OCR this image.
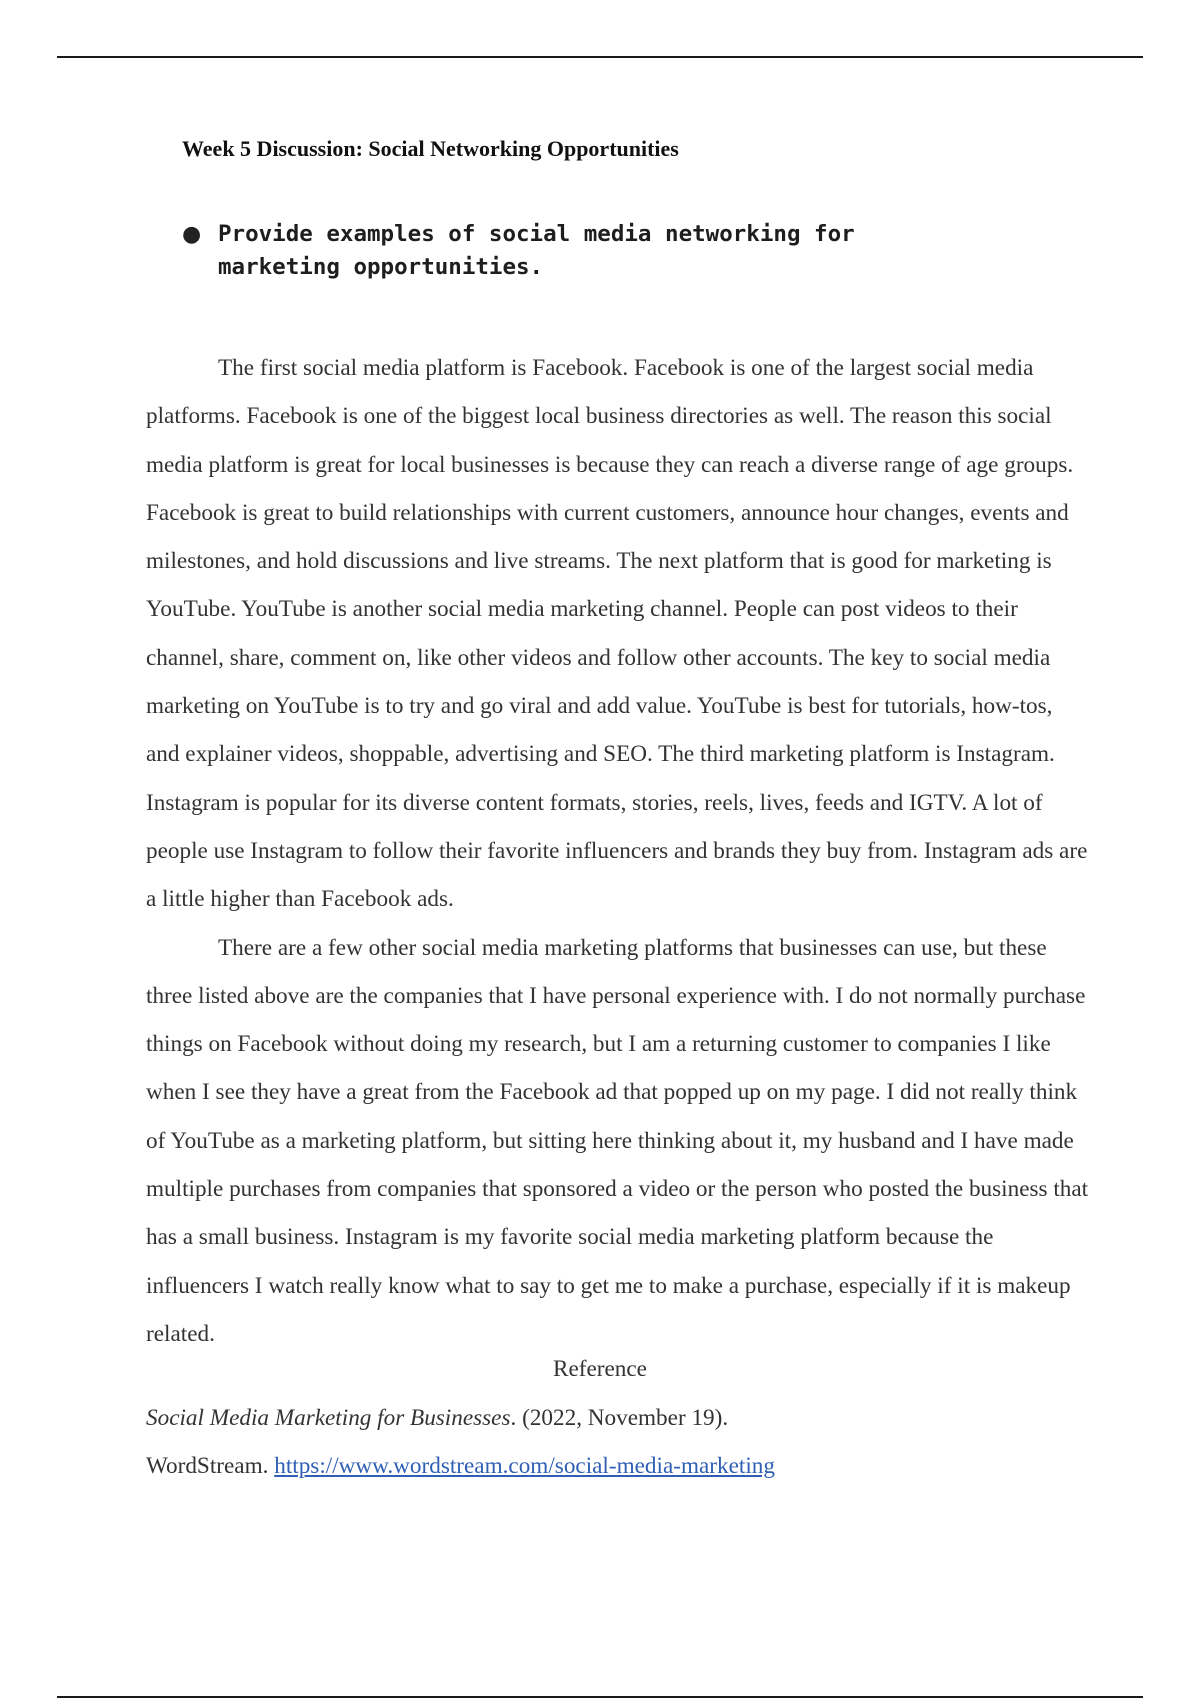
Week 5 Discussion: Social Networking Opportunities
● Provide examples of social media networking for marketing opportunities.

The first social media platform is Facebook. Facebook is one of the largest social media platforms. Facebook is one of the biggest local business directories as well. The reason this social media platform is great for local businesses is because they can reach a diverse range of age groups. Facebook is great to build relationships with current customers, announce hour changes, events and milestones, and hold discussions and live streams. The next platform that is good for marketing is YouTube. YouTube is another social media marketing channel. People can post videos to their channel, share, comment on, like other videos and follow other accounts. The key to social media marketing on YouTube is to try and go viral and add value. YouTube is best for tutorials, how-tos, and explainer videos, shoppable, advertising and SEO. The third marketing platform is Instagram. Instagram is popular for its diverse content formats, stories, reels, lives, feeds and IGTV. A lot of people use Instagram to follow their favorite influencers and brands they buy from. Instagram ads are a little higher than Facebook ads.

There are a few other social media marketing platforms that businesses can use, but these three listed above are the companies that I have personal experience with. I do not normally purchase things on Facebook without doing my research, but I am a returning customer to companies I like when I see they have a great from the Facebook ad that popped up on my page. I did not really think of YouTube as a marketing platform, but sitting here thinking about it, my husband and I have made multiple purchases from companies that sponsored a video or the person who posted the business that has a small business. Instagram is my favorite social media marketing platform because the influencers I watch really know what to say to get me to make a purchase, especially if it is makeup related.

Reference
Social Media Marketing for Businesses. (2022, November 19).
WordStream. https://www.wordstream.com/social-media-marketing
